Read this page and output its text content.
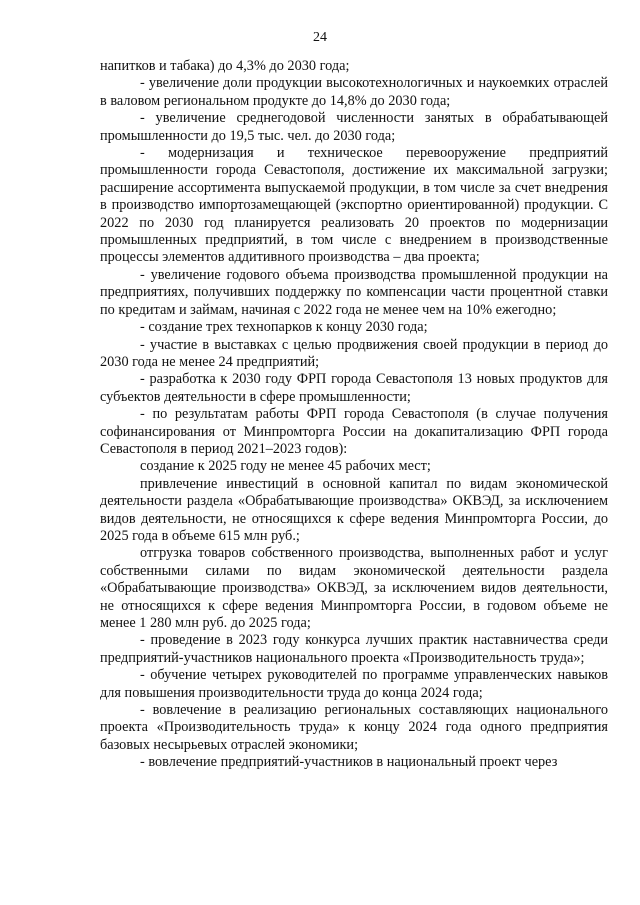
24

напитков и табака) до 4,3% до 2030 года;

- увеличение доли продукции высокотехнологичных и наукоемких отраслей в валовом региональном продукте до 14,8% до 2030 года;

- увеличение среднегодовой численности занятых в обрабатывающей промышленности до 19,5 тыс. чел. до 2030 года;

- модернизация и техническое перевооружение предприятий промышленности города Севастополя, достижение их максимальной загрузки; расширение ассортимента выпускаемой продукции, в том числе за счет внедрения в производство импортозамещающей (экспортно ориентированной) продукции. С 2022 по 2030 год планируется реализовать 20 проектов по модернизации промышленных предприятий, в том числе с внедрением в производственные процессы элементов аддитивного производства – два проекта;

- увеличение годового объема производства промышленной продукции на предприятиях, получивших поддержку по компенсации части процентной ставки по кредитам и займам, начиная с 2022 года не менее чем на 10% ежегодно;

- создание трех технопарков к концу 2030 года;

- участие в выставках с целью продвижения своей продукции в период до 2030 года не менее 24 предприятий;

- разработка к 2030 году ФРП города Севастополя 13 новых продуктов для субъектов деятельности в сфере промышленности;

- по результатам работы ФРП города Севастополя (в случае получения софинансирования от Минпромторга России на докапитализацию ФРП города Севастополя в период 2021–2023 годов):

создание к 2025 году не менее 45 рабочих мест;

привлечение инвестиций в основной капитал по видам экономической деятельности раздела «Обрабатывающие производства» ОКВЭД, за исключением видов деятельности, не относящихся к сфере ведения Минпромторга России, до 2025 года в объеме 615 млн руб.;

отгрузка товаров собственного производства, выполненных работ и услуг собственными силами по видам экономической деятельности раздела «Обрабатывающие производства» ОКВЭД, за исключением видов деятельности, не относящихся к сфере ведения Минпромторга России, в годовом объеме не менее 1 280 млн руб. до 2025 года;

- проведение в 2023 году конкурса лучших практик наставничества среди предприятий-участников национального проекта «Производительность труда»;

- обучение четырех руководителей по программе управленческих навыков для повышения производительности труда до конца 2024 года;

- вовлечение в реализацию региональных составляющих национального проекта «Производительность труда» к концу 2024 года одного предприятия базовых несырьевых отраслей экономики;

- вовлечение предприятий-участников в национальный проект через
